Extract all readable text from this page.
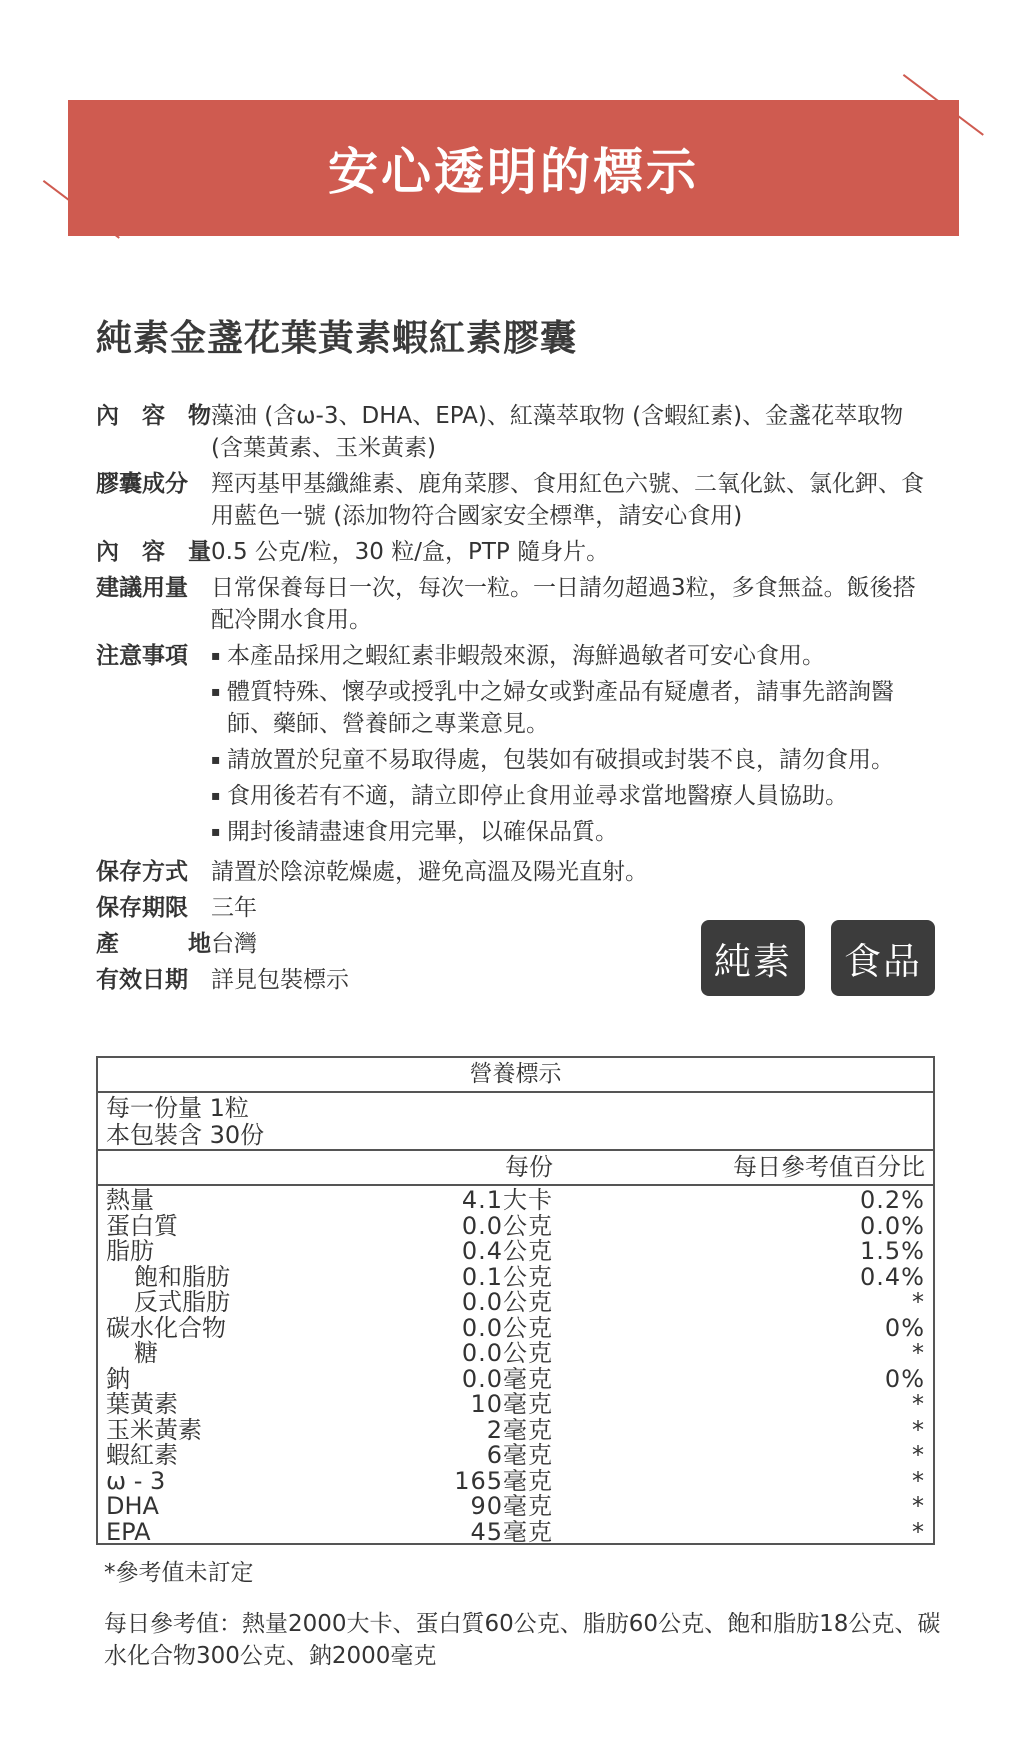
安心透明的標示
純素金盞花葉黃素蝦紅素膠囊
內 容 物 藻油 (含ω-3、DHA、EPA)、紅藻萃取物 (含蝦紅素)、金盞花萃取物 (含葉黃素、玉米黃素)
膠囊成分 羥丙基甲基纖維素、鹿角菜膠、食用紅色六號、二氧化鈦、氯化鉀、食用藍色一號 (添加物符合國家安全標準，請安心食用)
內 容 量 0.5 公克/粒，30 粒/盒，PTP 隨身片。
建議用量 日常保養每日一次，每次一粒。一日請勿超過3粒，多食無益。飯後搭配冷開水食用。
注意事項 ▪ 本產品採用之蝦紅素非蝦殼來源，海鮮過敏者可安心食用。
▪ 體質特殊、懷孕或授乳中之婦女或對產品有疑慮者，請事先諮詢醫師、藥師、營養師之專業意見。
▪ 請放置於兒童不易取得處，包裝如有破損或封裝不良，請勿食用。
▪ 食用後若有不適，請立即停止食用並尋求當地醫療人員協助。
▪ 開封後請盡速食用完畢，以確保品質。
保存方式 請置於陰涼乾燥處，避免高溫及陽光直射。
保存期限 三年
產	地 台灣
有效日期 詳見包裝標示	純素	食品
營養標示
每一份量 1粒
本包裝含 30份
每份	每日參考值百分比
熱量	4.1大卡	0.2%
蛋白質	0.0公克	0.0%
脂肪	0.4公克	1.5%
飽和脂肪	0.1公克	0.4%
反式脂肪	0.0公克	*
碳水化合物	0.0公克	0%
糖	0.0公克	*
鈉	0.0毫克	0%
葉黃素	10毫克	*
玉米黃素	2毫克	*
蝦紅素	6毫克	*
ω - 3	165毫克	*
DHA	90毫克	*
EPA	45毫克	*
*參考值未訂定
每日參考值：熱量2000大卡、蛋白質60公克、脂肪60公克、飽和脂肪18公克、碳水化合物300公克、鈉2000毫克
